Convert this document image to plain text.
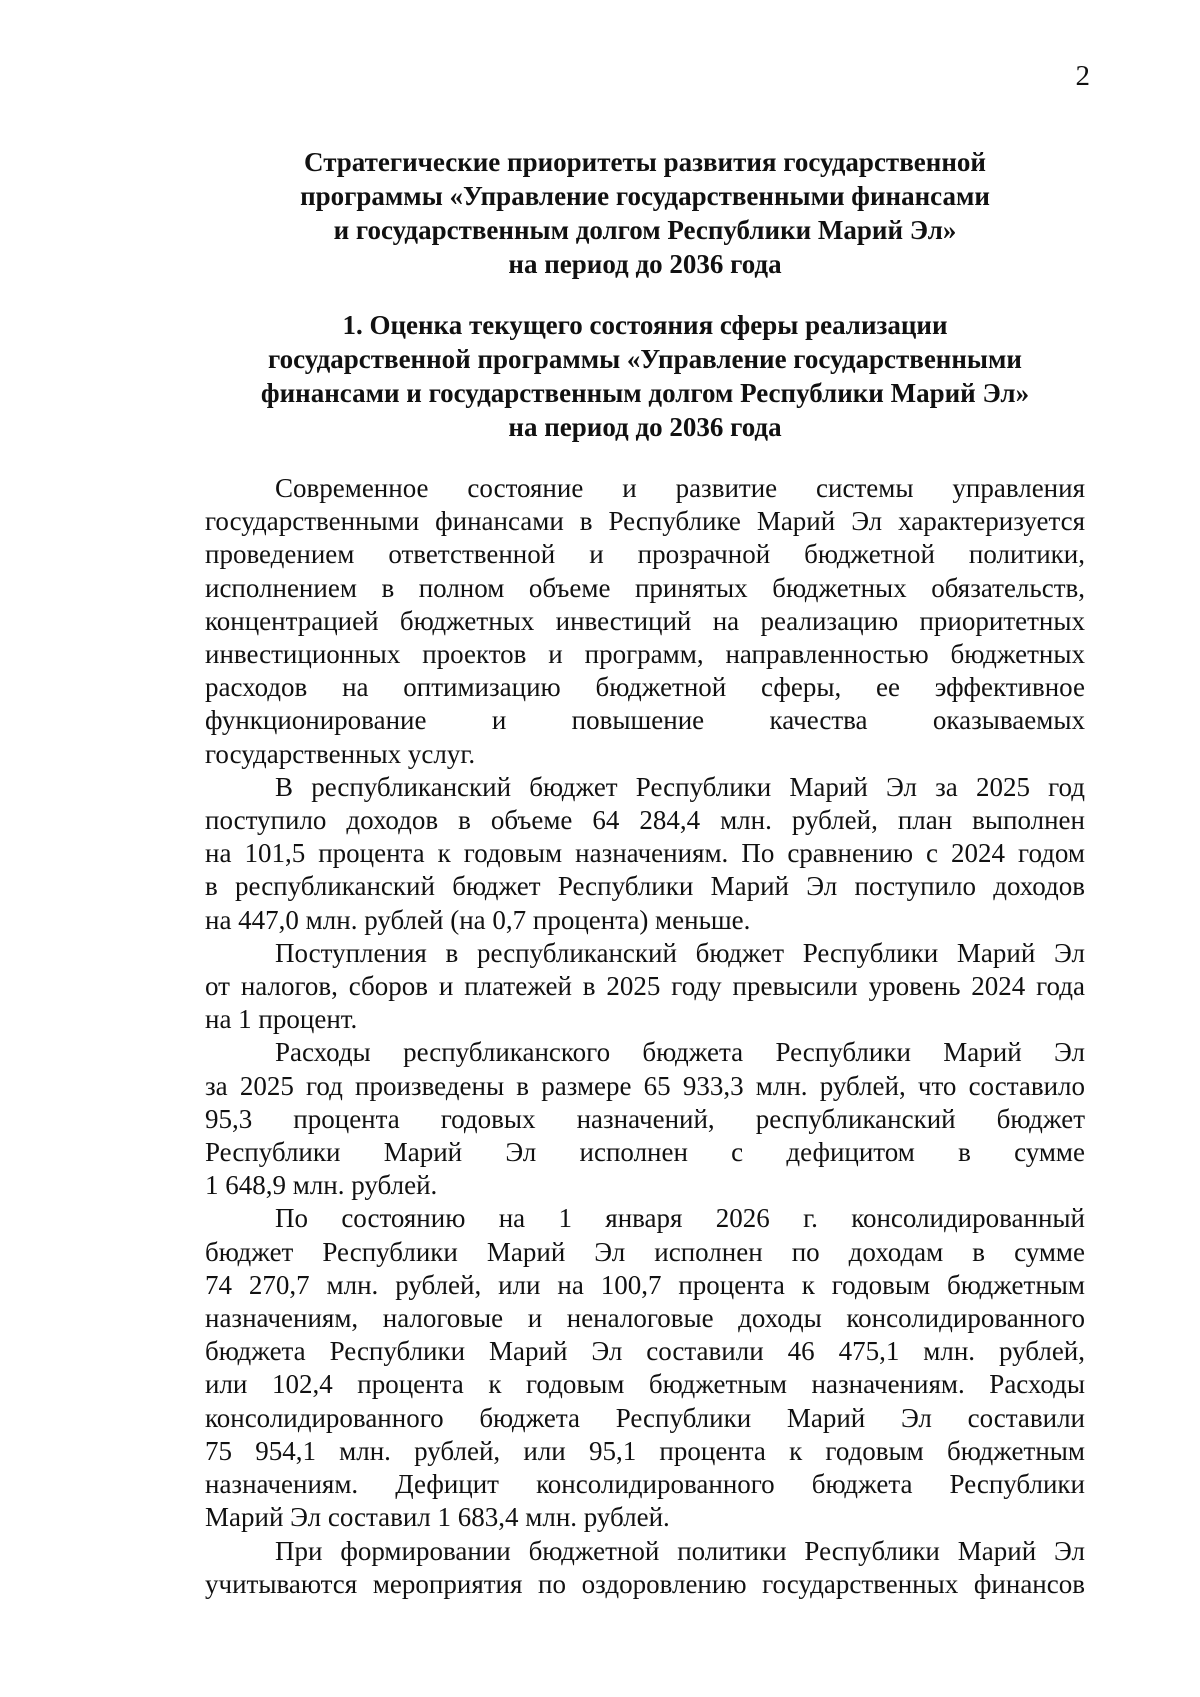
2
Стратегические приоритеты развития государственной
программы «Управление государственными финансами
и государственным долгом Республики Марий Эл»
на период до 2036 года
1. Оценка текущего состояния сферы реализации
государственной программы «Управление государственными
финансами и государственным долгом Республики Марий Эл»
на период до 2036 года

Современное состояние и развитие системы управления
государственными финансами в Республике Марий Эл характеризуется
проведением ответственной и прозрачной бюджетной политики,
исполнением в полном объеме принятых бюджетных обязательств,
концентрацией бюджетных инвестиций на реализацию приоритетных
инвестиционных проектов и программ, направленностью бюджетных
расходов на оптимизацию бюджетной сферы, ее эффективное
функционирование и повышение качества оказываемых
государственных услуг.

В республиканский бюджет Республики Марий Эл за 2025 год
поступило доходов в объеме 64 284,4 млн. рублей, план выполнен
на 101,5 процента к годовым назначениям. По сравнению с 2024 годом
в республиканский бюджет Республики Марий Эл поступило доходов
на 447,0 млн. рублей (на 0,7 процента) меньше.

Поступления в республиканский бюджет Республики Марий Эл
от налогов, сборов и платежей в 2025 году превысили уровень 2024 года
на 1 процент.

Расходы республиканского бюджета Республики Марий Эл
за 2025 год произведены в размере 65 933,3 млн. рублей, что составило
95,3 процента годовых назначений, республиканский бюджет
Республики Марий Эл исполнен с дефицитом в сумме
1 648,9 млн. рублей.

По состоянию на 1 января 2026 г. консолидированный
бюджет Республики Марий Эл исполнен по доходам в сумме
74 270,7 млн. рублей, или на 100,7 процента к годовым бюджетным
назначениям, налоговые и неналоговые доходы консолидированного
бюджета Республики Марий Эл составили 46 475,1 млн. рублей,
или 102,4 процента к годовым бюджетным назначениям. Расходы
консолидированного бюджета Республики Марий Эл составили
75 954,1 млн. рублей, или 95,1 процента к годовым бюджетным
назначениям. Дефицит консолидированного бюджета Республики
Марий Эл составил 1 683,4 млн. рублей.

При формировании бюджетной политики Республики Марий Эл
учитываются мероприятия по оздоровлению государственных финансов
